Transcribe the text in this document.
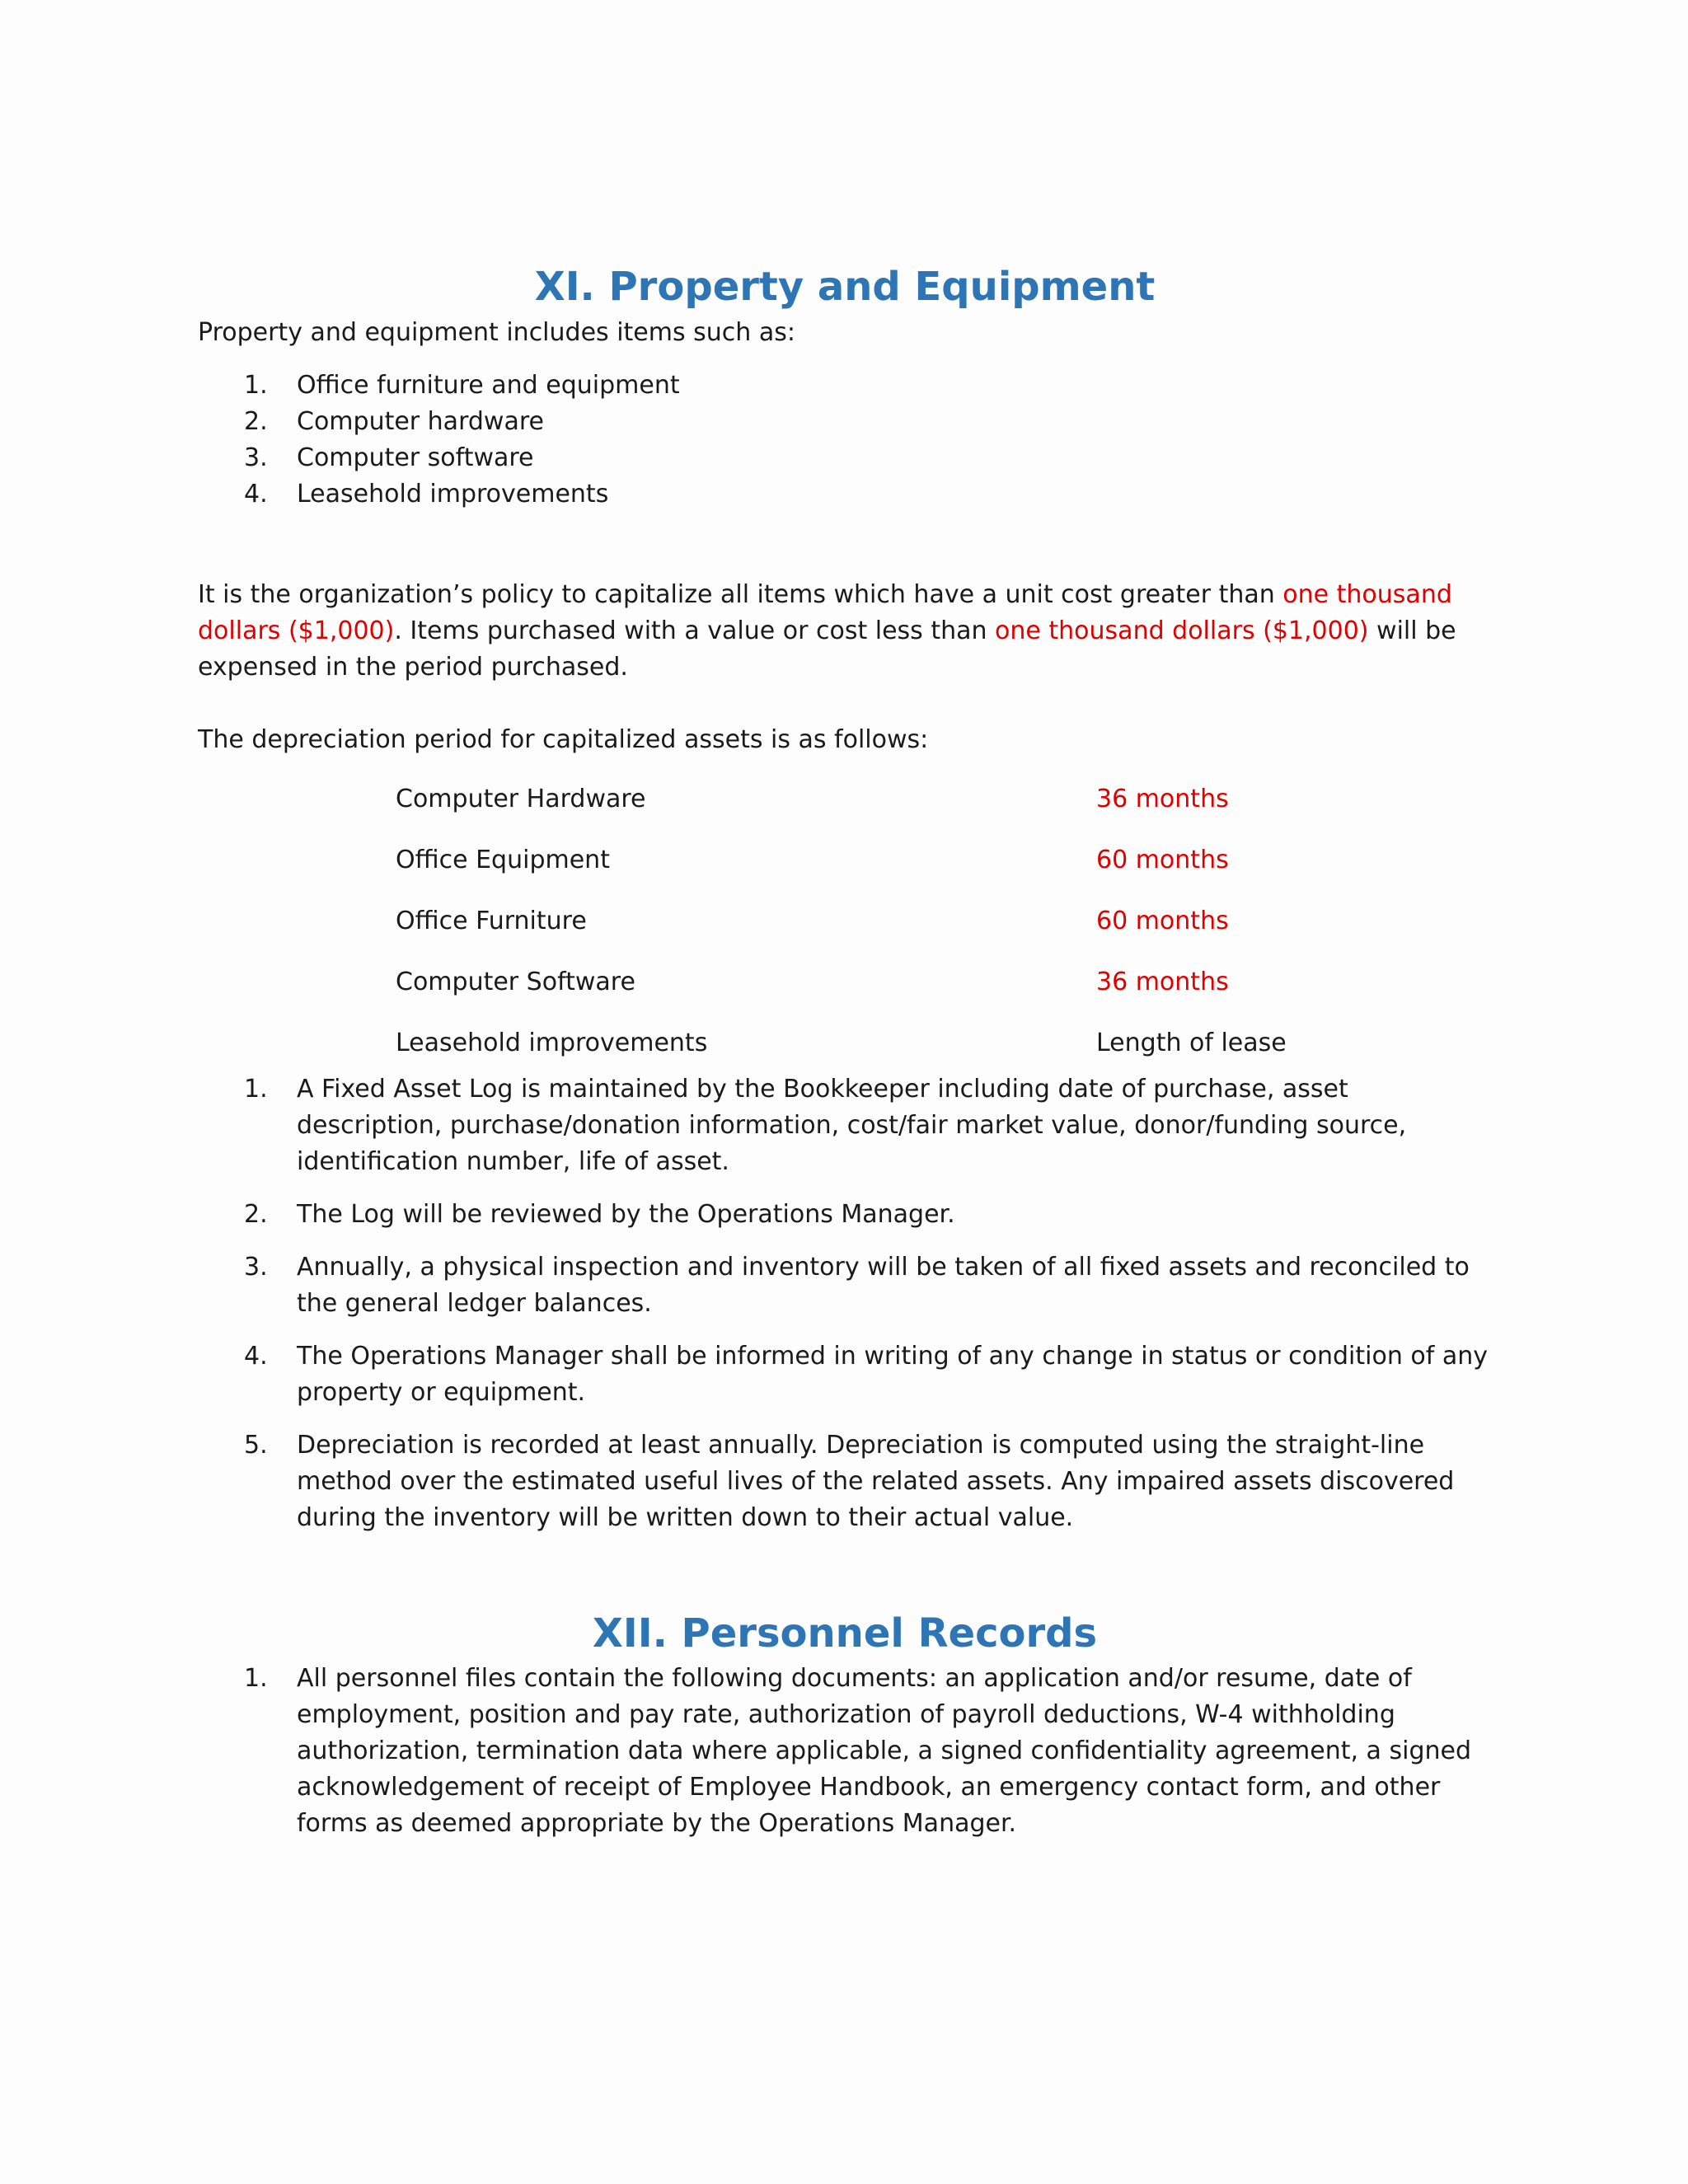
XI. Property and Equipment

Property and equipment includes items such as:

1. Office furniture and equipment
2. Computer hardware
3. Computer software
4. Leasehold improvements

It is the organization’s policy to capitalize all items which have a unit cost greater than one thousand dollars ($1,000). Items purchased with a value or cost less than one thousand dollars ($1,000) will be expensed in the period purchased.

The depreciation period for capitalized assets is as follows:

Computer Hardware	36 months
Office Equipment	60 months
Office Furniture	60 months
Computer Software	36 months
Leasehold improvements	Length of lease
1. A Fixed Asset Log is maintained by the Bookkeeper including date of purchase, asset description, purchase/donation information, cost/fair market value, donor/funding source, identification number, life of asset.
2. The Log will be reviewed by the Operations Manager.
3. Annually, a physical inspection and inventory will be taken of all fixed assets and reconciled to the general ledger balances.
4. The Operations Manager shall be informed in writing of any change in status or condition of any property or equipment.
5. Depreciation is recorded at least annually. Depreciation is computed using the straight-line method over the estimated useful lives of the related assets. Any impaired assets discovered during the inventory will be written down to their actual value.
XII. Personnel Records
1. All personnel files contain the following documents: an application and/or resume, date of employment, position and pay rate, authorization of payroll deductions, W-4 withholding authorization, termination data where applicable, a signed confidentiality agreement, a signed acknowledgement of receipt of Employee Handbook, an emergency contact form, and other forms as deemed appropriate by the Operations Manager.
